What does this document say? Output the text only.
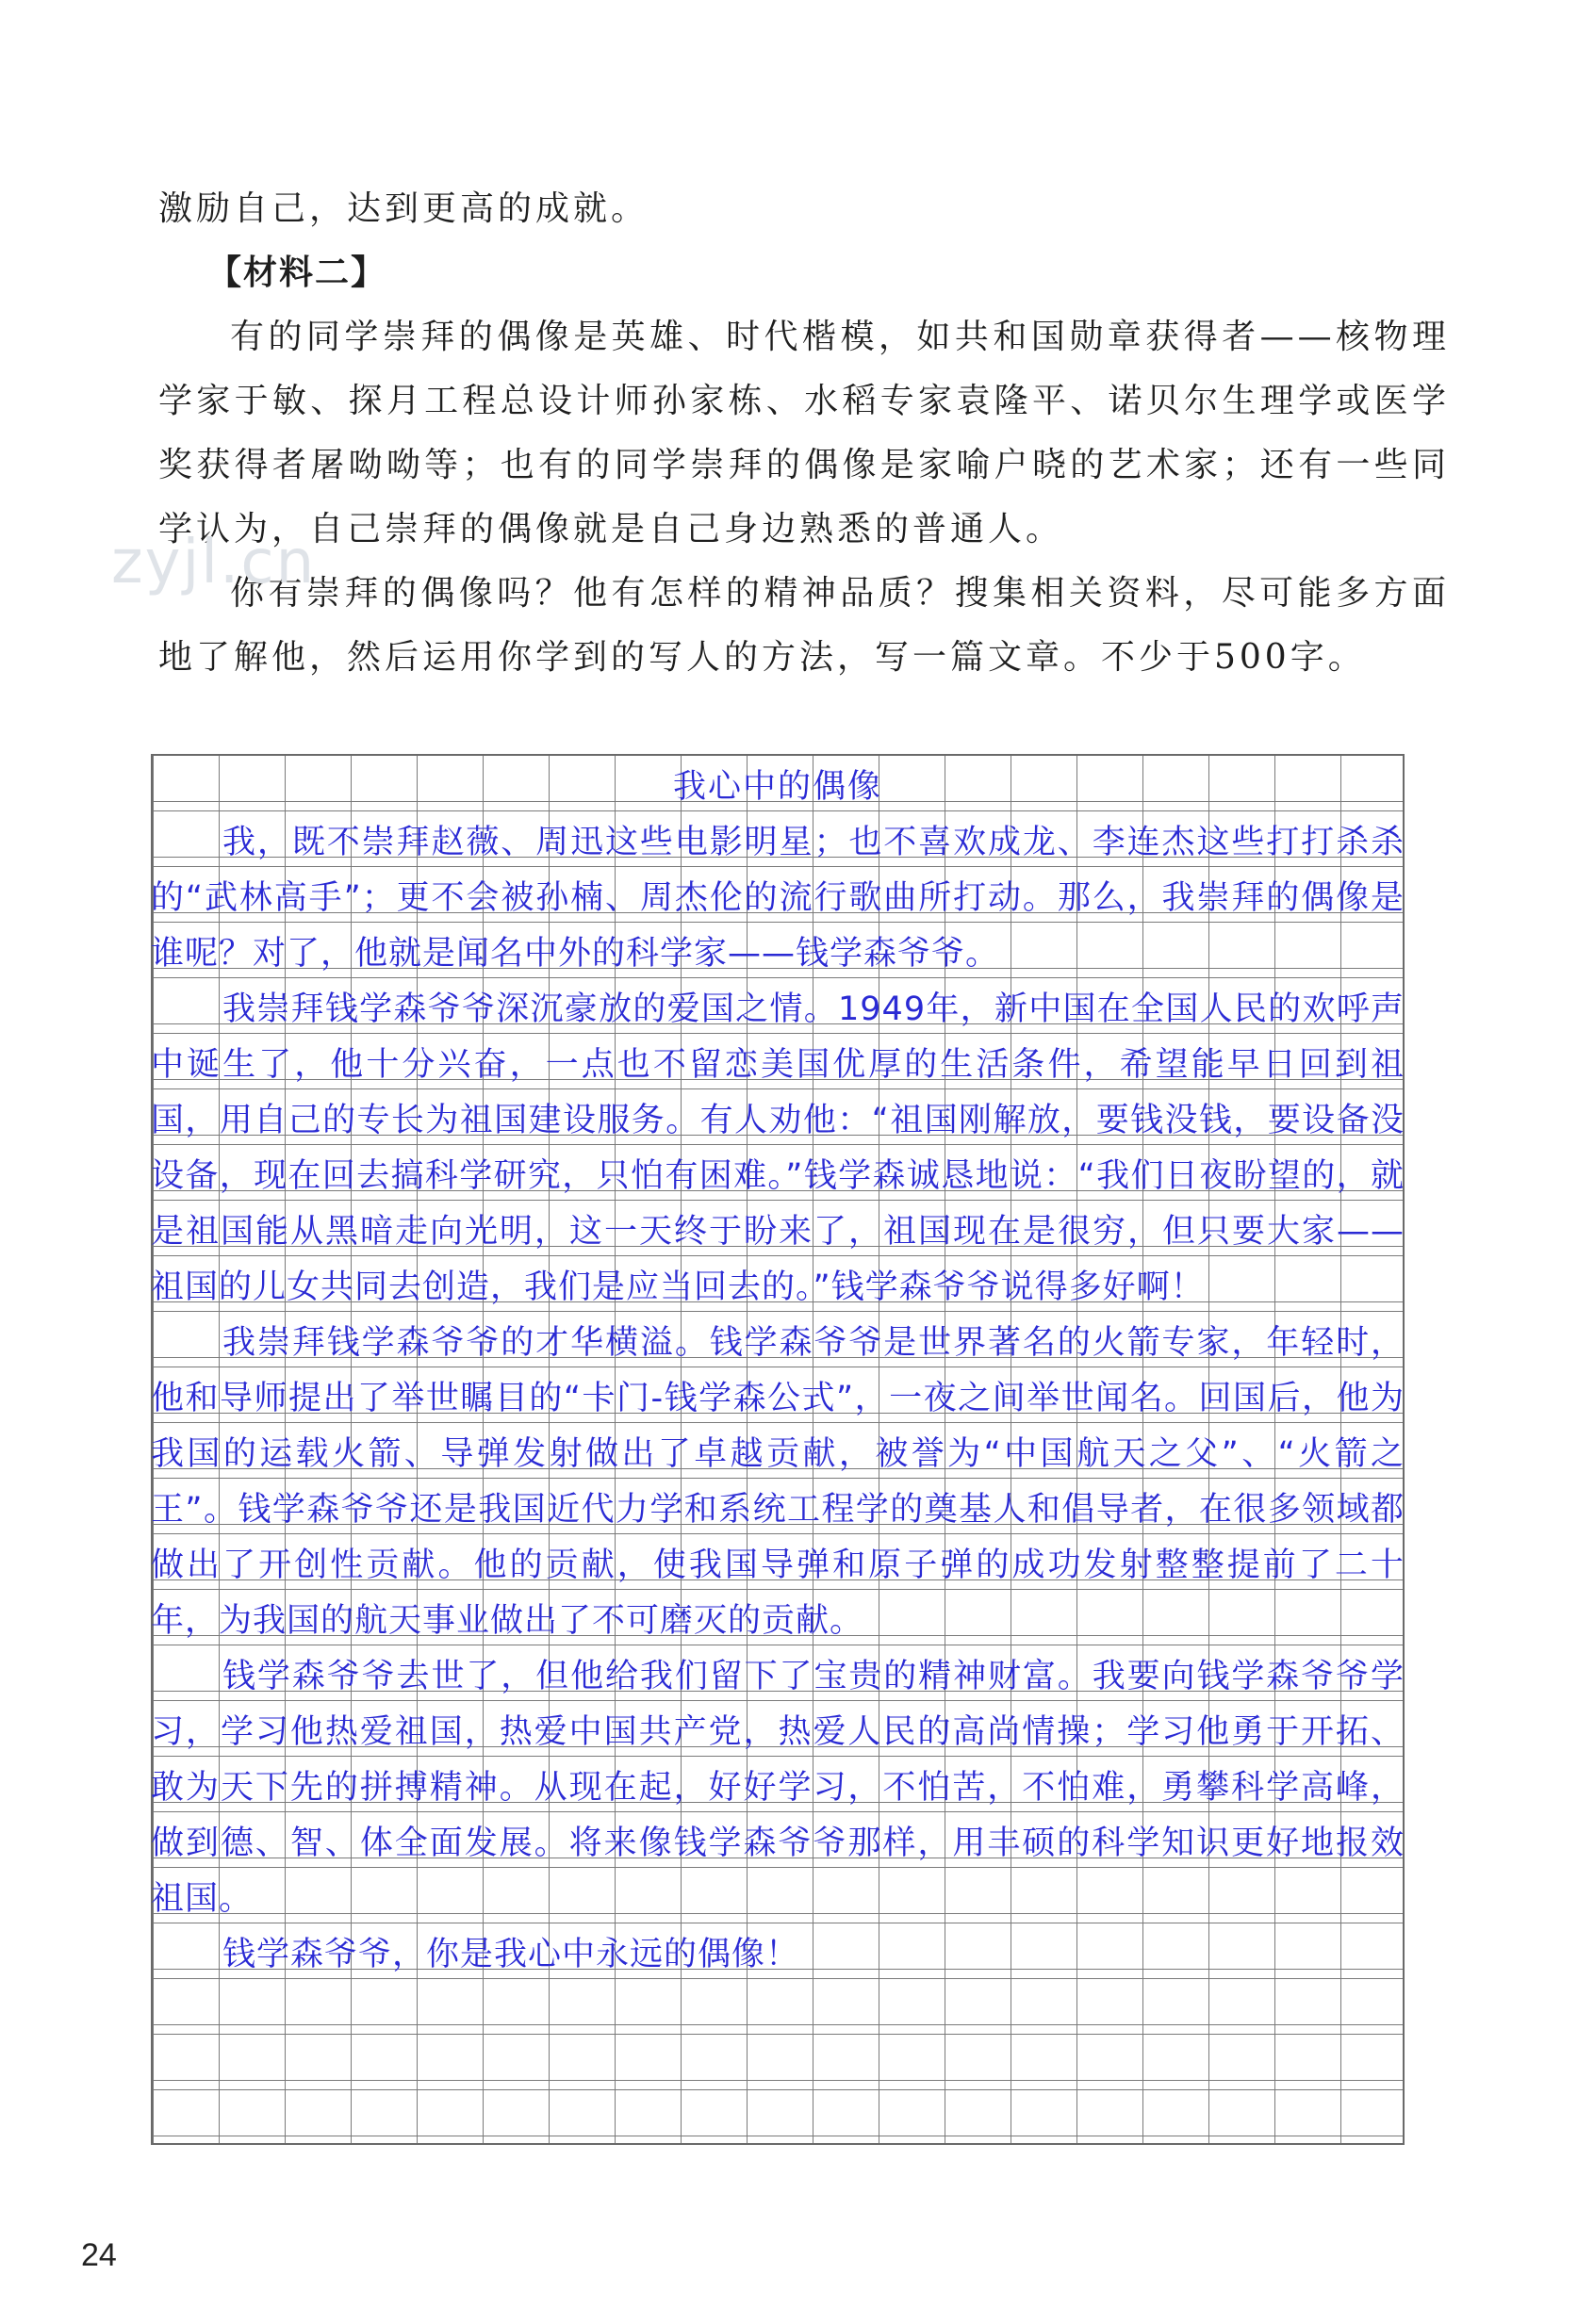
激励自己，达到更高的成就。

【材料二】

有的同学崇拜的偶像是英雄、时代楷模，如共和国勋章获得者——核物理学家于敏、探月工程总设计师孙家栋、水稻专家袁隆平、诺贝尔生理学或医学奖获得者屠呦呦等；也有的同学崇拜的偶像是家喻户晓的艺术家；还有一些同学认为，自己崇拜的偶像就是自己身边熟悉的普通人。

你有崇拜的偶像吗？他有怎样的精神品质？搜集相关资料，尽可能多方面地了解他，然后运用你学到的写人的方法，写一篇文章。不少于500字。

zyjl.cn

我心中的偶像

我，既不崇拜赵薇、周迅这些电影明星；也不喜欢成龙、李连杰这些打打杀杀的“武林高手”；更不会被孙楠、周杰伦的流行歌曲所打动。那么，我崇拜的偶像是谁呢？对了，他就是闻名中外的科学家——钱学森爷爷。

我崇拜钱学森爷爷深沉豪放的爱国之情。1949年，新中国在全国人民的欢呼声中诞生了，他十分兴奋，一点也不留恋美国优厚的生活条件，希望能早日回到祖国，用自己的专长为祖国建设服务。有人劝他：“祖国刚解放，要钱没钱，要设备没设备，现在回去搞科学研究，只怕有困难。”钱学森诚恳地说：“我们日夜盼望的，就是祖国能从黑暗走向光明，这一天终于盼来了，祖国现在是很穷，但只要大家——祖国的儿女共同去创造，我们是应当回去的。”钱学森爷爷说得多好啊！

我崇拜钱学森爷爷的才华横溢。钱学森爷爷是世界著名的火箭专家，年轻时，他和导师提出了举世瞩目的“卡门-钱学森公式”，一夜之间举世闻名。回国后，他为我国的运载火箭、导弹发射做出了卓越贡献，被誉为“中国航天之父”、“火箭之王”。钱学森爷爷还是我国近代力学和系统工程学的奠基人和倡导者，在很多领域都做出了开创性贡献。他的贡献，使我国导弹和原子弹的成功发射整整提前了二十年，为我国的航天事业做出了不可磨灭的贡献。

钱学森爷爷去世了，但他给我们留下了宝贵的精神财富。我要向钱学森爷爷学习，学习他热爱祖国，热爱中国共产党，热爱人民的高尚情操；学习他勇于开拓、敢为天下先的拼搏精神。从现在起，好好学习，不怕苦，不怕难，勇攀科学高峰，做到德、智、体全面发展。将来像钱学森爷爷那样，用丰硕的科学知识更好地报效祖国。

钱学森爷爷，你是我心中永远的偶像！

24
